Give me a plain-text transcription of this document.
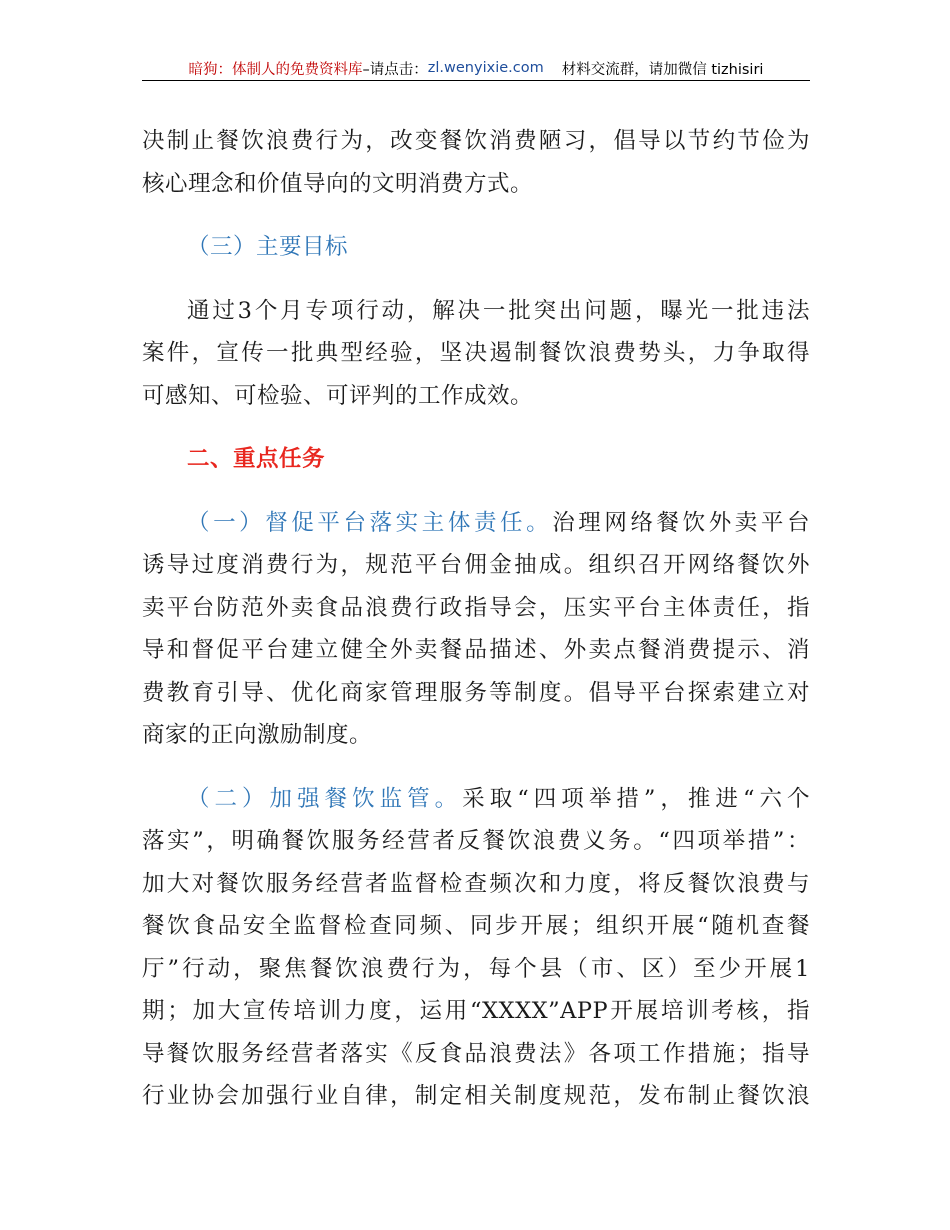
暗狗：体制人的免费资料库 –请点击： zl.wenyixie.com 材料交流群，请加微信 tizhisiri
决制止餐饮浪费行为，改变餐饮消费陋习，倡导以节约节俭为
核心理念和价值导向的文明消费方式。
（三）主要目标
通过3个月专项行动，解决一批突出问题，曝光一批违法
案件，宣传一批典型经验，坚决遏制餐饮浪费势头，力争取得
可感知、可检验、可评判的工作成效。
二、重点任务
（一）督促平台落实主体责任。治理网络餐饮外卖平台
诱导过度消费行为，规范平台佣金抽成。组织召开网络餐饮外
卖平台防范外卖食品浪费行政指导会，压实平台主体责任，指
导和督促平台建立健全外卖餐品描述、外卖点餐消费提示、消
费教育引导、优化商家管理服务等制度。倡导平台探索建立对
商家的正向激励制度。
（二）加强餐饮监管。采取“四项举措”，推进“六个
落实”，明确餐饮服务经营者反餐饮浪费义务。“四项举措”：
加大对餐饮服务经营者监督检查频次和力度，将反餐饮浪费与
餐饮食品安全监督检查同频、同步开展；组织开展“随机查餐
厅”行动，聚焦餐饮浪费行为，每个县（市、区）至少开展1
期；加大宣传培训力度，运用“XXXX”APP开展培训考核，指
导餐饮服务经营者落实《反食品浪费法》各项工作措施；指导
行业协会加强行业自律，制定相关制度规范，发布制止餐饮浪
